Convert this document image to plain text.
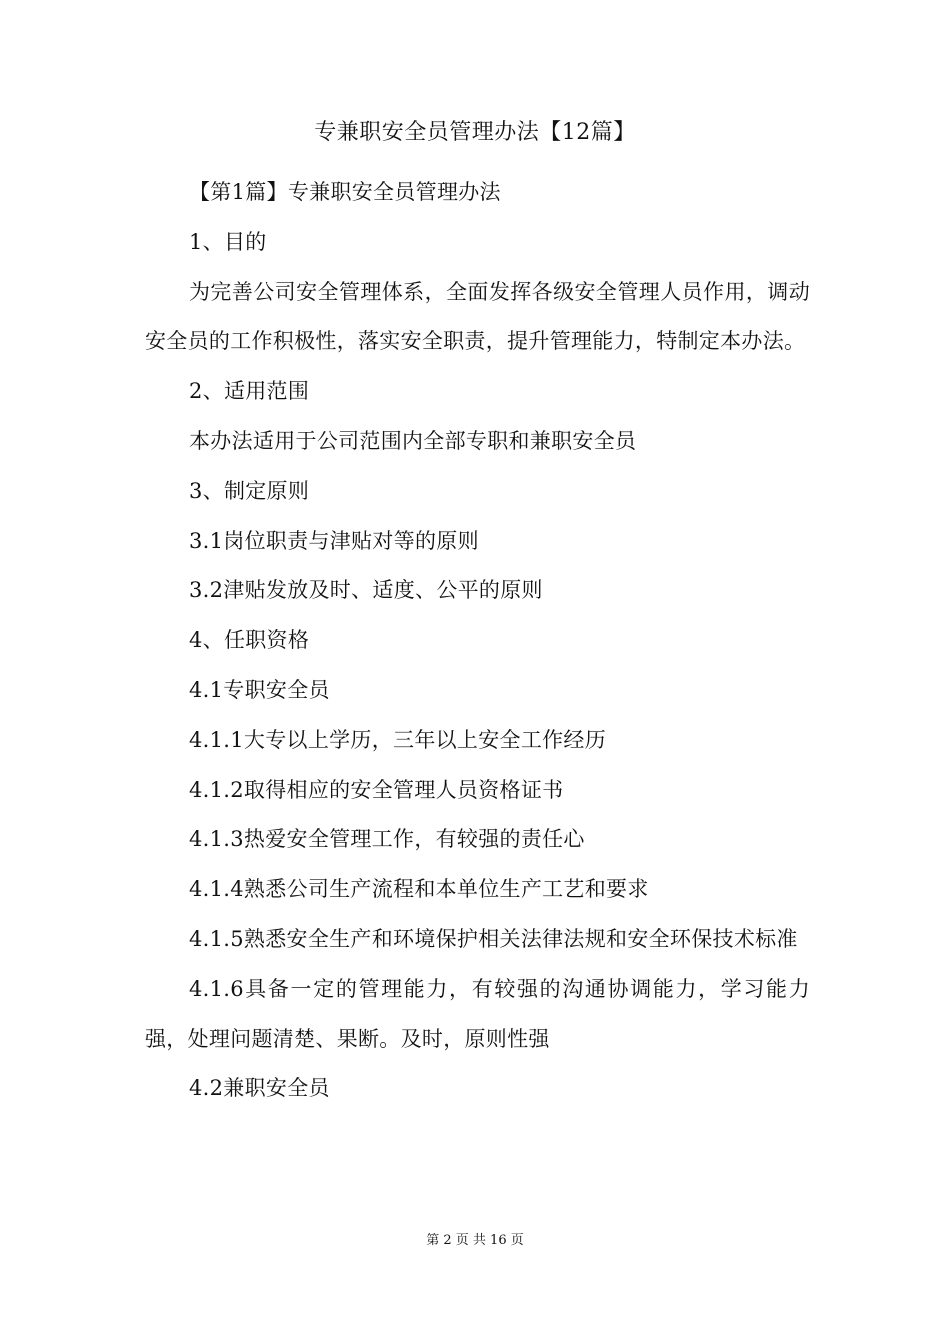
专兼职安全员管理办法【12篇】

【第1篇】专兼职安全员管理办法

1、目的

为完善公司安全管理体系，全面发挥各级安全管理人员作用，调动安全员的工作积极性，落实安全职责，提升管理能力，特制定本办法。

2、适用范围

本办法适用于公司范围内全部专职和兼职安全员

3、制定原则

3.1岗位职责与津贴对等的原则

3.2津贴发放及时、适度、公平的原则

4、任职资格

4.1专职安全员

4.1.1大专以上学历，三年以上安全工作经历

4.1.2取得相应的安全管理人员资格证书

4.1.3热爱安全管理工作，有较强的责任心

4.1.4熟悉公司生产流程和本单位生产工艺和要求

4.1.5熟悉安全生产和环境保护相关法律法规和安全环保技术标准

4.1.6具备一定的管理能力，有较强的沟通协调能力，学习能力强，处理问题清楚、果断。及时，原则性强

4.2兼职安全员

第 2 页 共 16 页
